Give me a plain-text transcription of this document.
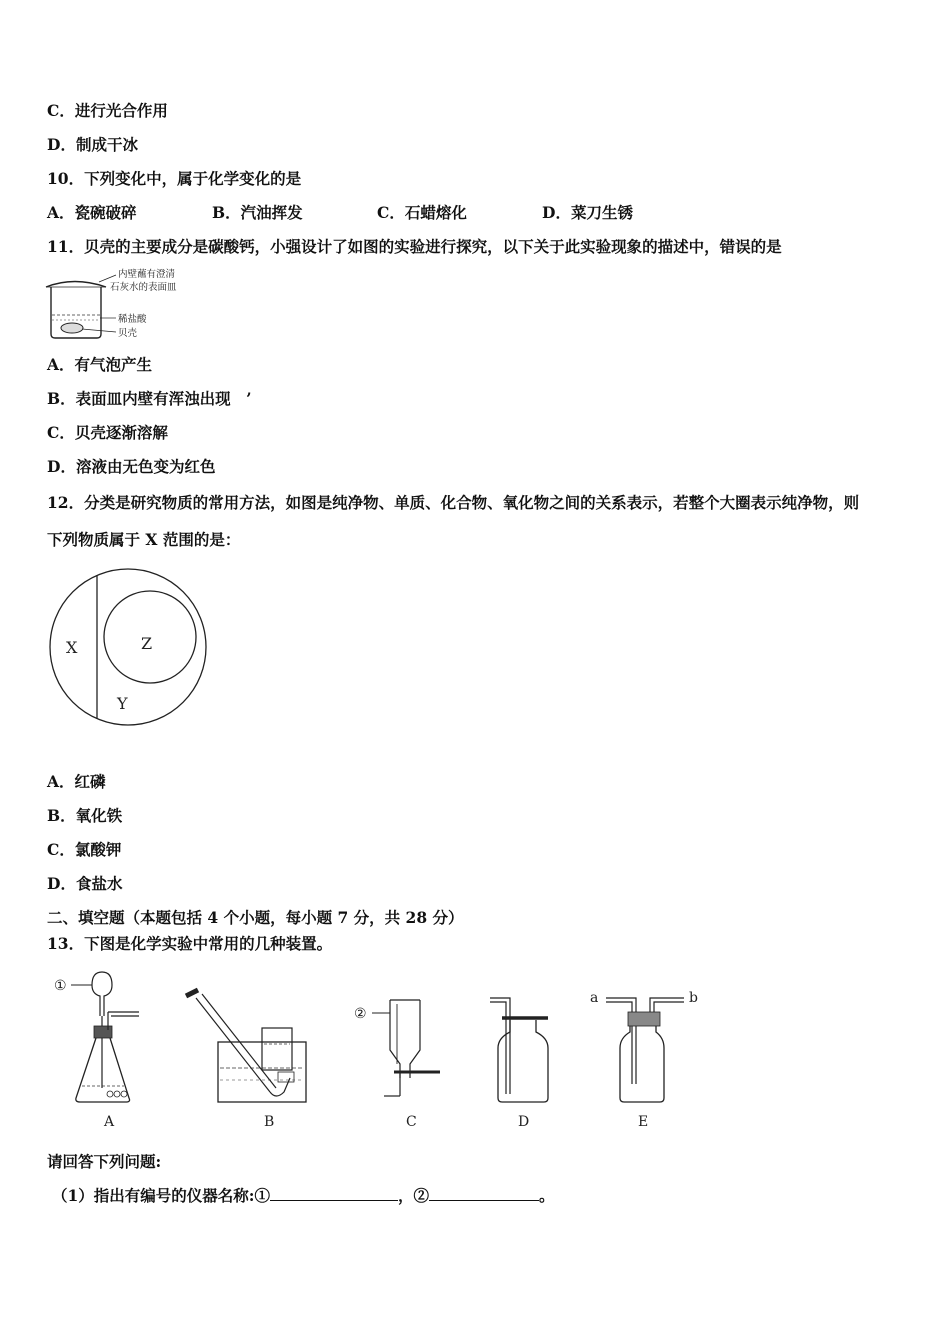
C．进行光合作用
D．制成干冰
10．下列变化中，属于化学变化的是
A．瓷碗破碎	B．汽油挥发	C．石蜡熔化	D．菜刀生锈
11．贝壳的主要成分是碳酸钙，小强设计了如图的实验进行探究，以下关于此实验现象的描述中，错误的是
内壁蘸有澄清
石灰水的表面皿
稀盐酸
贝壳
A．有气泡产生
B．表面皿内壁有浑浊出现　’
C．贝壳逐渐溶解
D．溶液由无色变为红色
12．分类是研究物质的常用方法，如图是纯净物、单质、化合物、氧化物之间的关系表示，若整个大圈表示纯净物，则
下列物质属于 X 范围的是：
X	Z
Y
A．红磷
B．氧化铁
C．氯酸钾
D．食盐水
二、填空题（本题包括 4 个小题，每小题 7 分，共 28 分）
13．下图是化学实验中常用的几种装置。
①
A	B
②
C	D
a	b
E
请回答下列问题:
（1）指出有编号的仪器名称:①	，②	。
